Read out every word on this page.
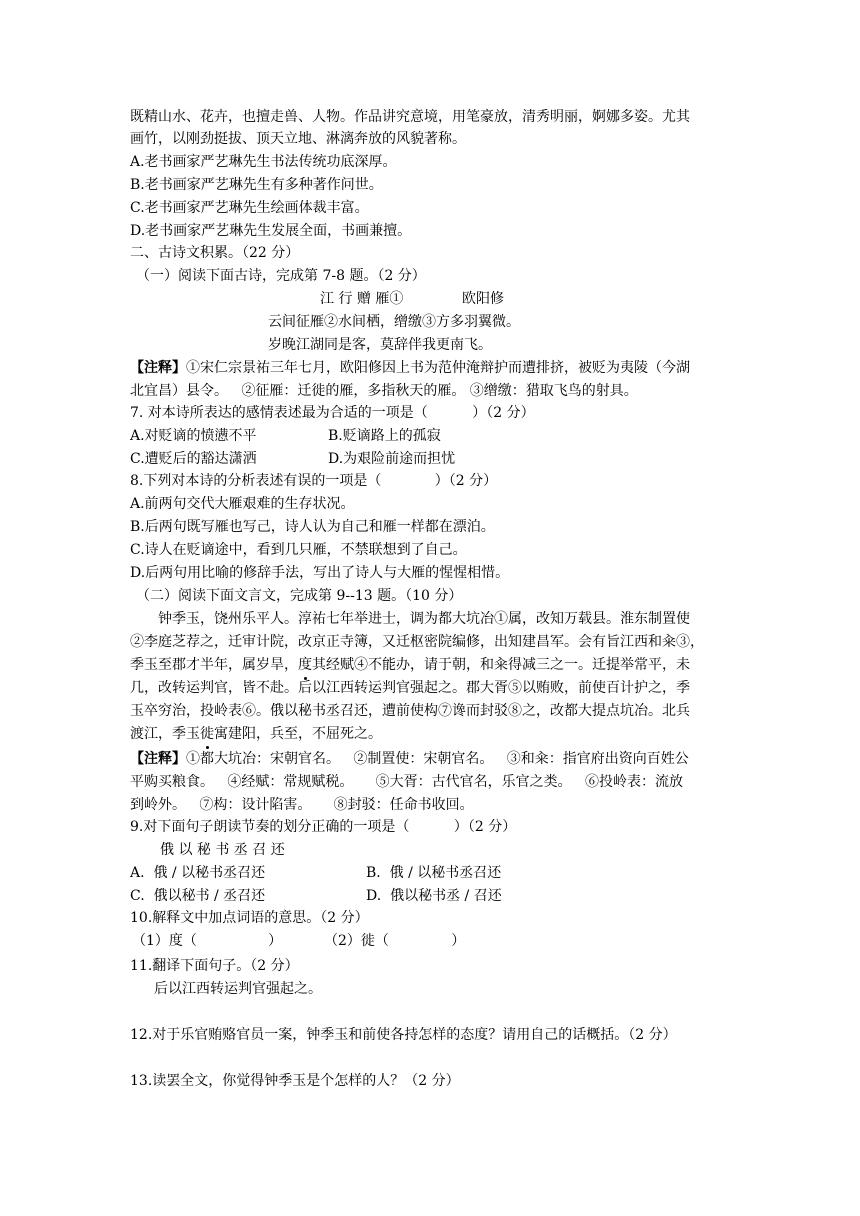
既精山水、花卉，也擅走兽、人物。作品讲究意境，用笔豪放，清秀明丽，婀娜多姿。尤其
画竹，以刚劲挺拔、顶天立地、淋漓奔放的风貌著称。
A.老书画家严艺琳先生书法传统功底深厚。
B.老书画家严艺琳先生有多种著作问世。
C.老书画家严艺琳先生绘画体裁丰富。
D.老书画家严艺琳先生发展全面，书画兼擅。
二、古诗文积累。（22 分）
（一）阅读下面古诗，完成第 7-8 题。（2 分）
江 行 赠 雁①	欧阳修
云间征雁②水间栖，缯缴③方多羽翼微。
岁晚江湖同是客，莫辞伴我更南飞。
【注释】①宋仁宗景祐三年七月，欧阳修因上书为范仲淹辩护而遭排挤，被贬为夷陵（今湖
北宜昌）县令。   ②征雁：迁徙的雁，多指秋天的雁。 ③缯缴：猎取飞鸟的射具。
7. 对本诗所表达的感情表述最为合适的一项是（          ）（2 分）
A.对贬谪的愤懑不平	B.贬谪路上的孤寂
C.遭贬后的豁达潇洒	D.为艰险前途而担忧
8.下列对本诗的分析表述有误的一项是（            ）（2 分）
A.前两句交代大雁艰难的生存状况。
B.后两句既写雁也写己，诗人认为自己和雁一样都在漂泊。
C.诗人在贬谪途中，看到几只雁，不禁联想到了自己。
D.后两句用比喻的修辞手法，写出了诗人与大雁的惺惺相惜。
（二）阅读下面文言文，完成第 9--13 题。（10 分）
钟季玉，饶州乐平人。淳祐七年举进士，调为都大坑冶①属，改知万载县。淮东制置使
②李庭芝荐之，迁审计院，改京正寺簿，又迁枢密院编修，出知建昌军。会有旨江西和籴③，
季玉至郡才半年，属岁旱，度其经赋④不能办，请于朝，和籴得减三之一。迁提举常平，未
几，改转运判官，皆不赴。后以江西转运判官强起之。郡大胥⑤以贿败，前使百计护之，季
玉卒穷治，投岭表⑥。俄以秘书丞召还，遭前使构⑦谗而封驳⑧之，改都大提点坑冶。北兵
渡江，季玉徙寓建阳，兵至，不屈死之。
【注释】①都大坑冶：宋朝官名。   ②制置使：宋朝官名。   ③和籴：指官府出资向百姓公
平购买粮食。   ④经赋：常规赋税。     ⑤大胥：古代官名，乐官之类。   ⑥投岭表：流放
到岭外。   ⑦构：设计陷害。     ⑧封驳：任命书收回。
9.对下面句子朗读节奏的划分正确的一项是（          ）（2 分）
俄 以 秘 书 丞 召 还
A.  俄 / 以秘书丞召还	B.  俄 / 以秘书丞召还
C.  俄以秘书 / 丞召还	D.  俄以秘书丞 / 召还
10.解释文中加点词语的意思。（2 分）
（1）度（                ）	（2）徙（              ）
11.翻译下面句子。（2 分）
后以江西转运判官强起之。
12.对于乐官贿赂官员一案，钟季玉和前使各持怎样的态度？请用自己的话概括。（2 分）
13.读罢全文，你觉得钟季玉是个怎样的人？（2 分）
